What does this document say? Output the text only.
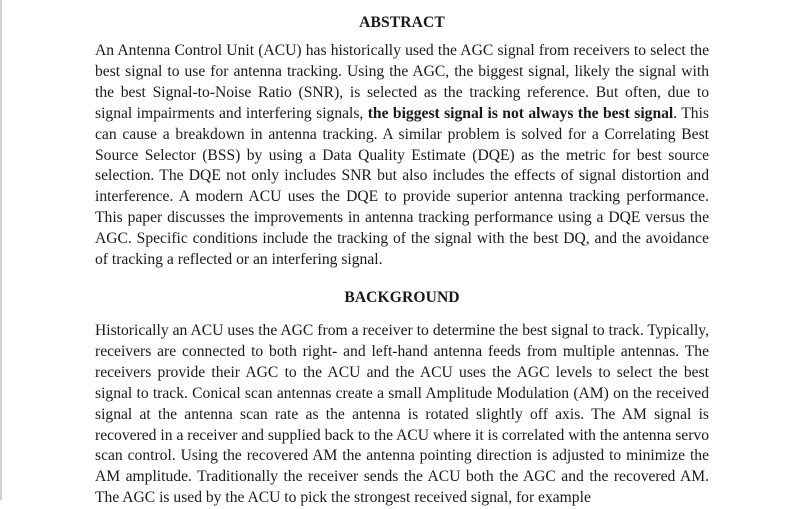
ABSTRACT

An Antenna Control Unit (ACU) has historically used the AGC signal from receivers to select the best signal to use for antenna tracking. Using the AGC, the biggest signal, likely the signal with the best Signal-to-Noise Ratio (SNR), is selected as the tracking reference. But often, due to signal impairments and interfering signals, the biggest signal is not always the best signal. This can cause a breakdown in antenna tracking. A similar problem is solved for a Correlating Best Source Selector (BSS) by using a Data Quality Estimate (DQE) as the metric for best source selection. The DQE not only includes SNR but also includes the effects of signal distortion and interference. A modern ACU uses the DQE to provide superior antenna tracking performance. This paper discusses the improvements in antenna tracking performance using a DQE versus the AGC. Specific conditions include the tracking of the signal with the best DQ, and the avoidance of tracking a reflected or an interfering signal.

BACKGROUND

Historically an ACU uses the AGC from a receiver to determine the best signal to track. Typically, receivers are connected to both right- and left-hand antenna feeds from multiple antennas. The receivers provide their AGC to the ACU and the ACU uses the AGC levels to select the best signal to track. Conical scan antennas create a small Amplitude Modulation (AM) on the received signal at the antenna scan rate as the antenna is rotated slightly off axis. The AM signal is recovered in a receiver and supplied back to the ACU where it is correlated with the antenna servo scan control. Using the recovered AM the antenna pointing direction is adjusted to minimize the AM amplitude. Traditionally the receiver sends the ACU both the AGC and the recovered AM. The AGC is used by the ACU to pick the strongest received signal, for example
